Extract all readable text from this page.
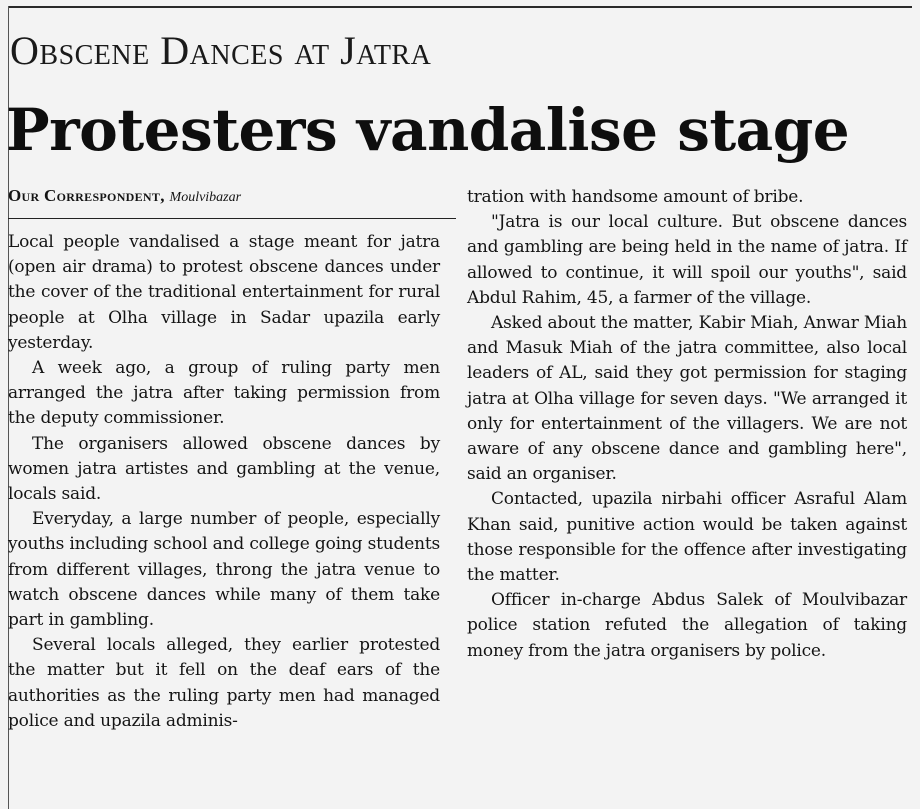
Obscene Dances at Jatra
Protesters vandalise stage
Our Correspondent, Moulvibazar

Local people vandalised a stage meant for jatra (open air drama) to protest obscene dances under the cover of the traditional entertainment for rural people at Olha village in Sadar upazila early yesterday.

A week ago, a group of ruling party men arranged the jatra after taking permission from the deputy commissioner.

The organisers allowed obscene dances by women jatra artistes and gambling at the venue, locals said.

Everyday, a large number of people, especially youths including school and college going students from different villages, throng the jatra venue to watch obscene dances while many of them take part in gambling.

Several locals alleged, they earlier protested the matter but it fell on the deaf ears of the authorities as the ruling party men had managed police and upazila adminis-

tration with handsome amount of bribe.

"Jatra is our local culture. But obscene dances and gambling are being held in the name of jatra. If allowed to continue, it will spoil our youths", said Abdul Rahim, 45, a farmer of the village.

Asked about the matter, Kabir Miah, Anwar Miah and Masuk Miah of the jatra committee, also local leaders of AL, said they got permission for staging jatra at Olha village for seven days. "We arranged it only for entertainment of the villagers. We are not aware of any obscene dance and gambling here", said an organiser.

Contacted, upazila nirbahi officer Asraful Alam Khan said, punitive action would be taken against those responsible for the offence after investigating the matter.

Officer in-charge Abdus Salek of Moulvibazar police station refuted the allegation of taking money from the jatra organisers by police.
